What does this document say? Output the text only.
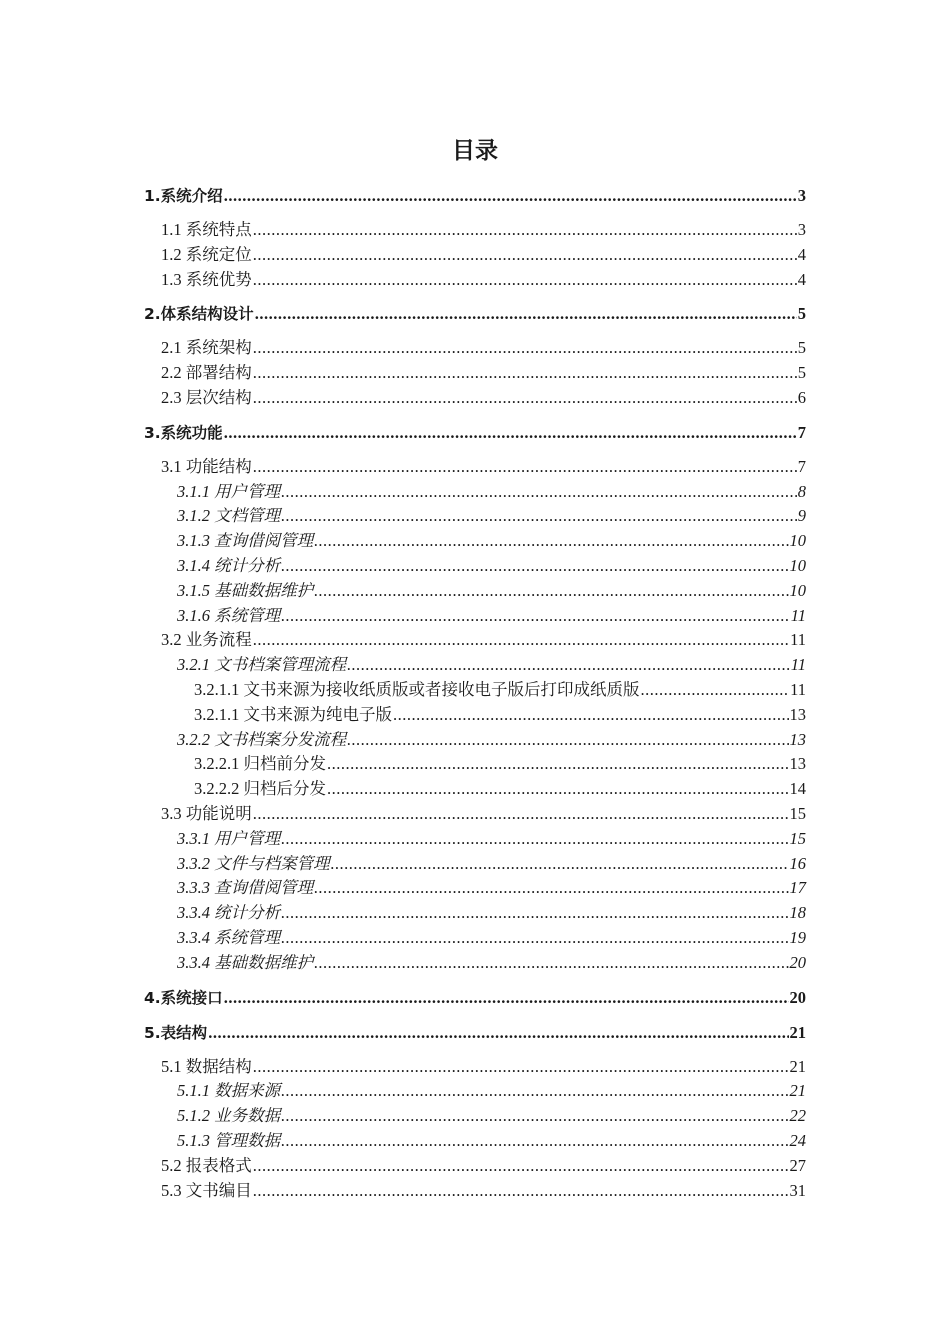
目录
1.系统介绍 .....	3
1.1 系统特点 .....	3
1.2 系统定位 .....	4
1.3 系统优势 .....	4
2.体系结构设计 .....	5
2.1 系统架构 .....	5
2.2 部署结构 .....	5
2.3 层次结构 .....	6
3.系统功能 .....	7
3.1 功能结构 .....	7
3.1.1 用户管理 .....	8
3.1.2 文档管理 .....	9
3.1.3 查询借阅管理 .....	10
3.1.4 统计分析 .....	10
3.1.5 基础数据维护 .....	10
3.1.6 系统管理 .....	11
3.2 业务流程 .....	11
3.2.1 文书档案管理流程 .....	11
3.2.1.1 文书来源为接收纸质版或者接收电子版后打印成纸质版 .....	11
3.2.1.1 文书来源为纯电子版 .....	13
3.2.2 文书档案分发流程 .....	13
3.2.2.1 归档前分发 .....	13
3.2.2.2 归档后分发 .....	14
3.3 功能说明 .....	15
3.3.1 用户管理 .....	15
3.3.2 文件与档案管理 .....	16
3.3.3 查询借阅管理 .....	17
3.3.4 统计分析 .....	18
3.3.4 系统管理 .....	19
3.3.4 基础数据维护 .....	20
4.系统接口 .....	20
5.表结构 .....	21
5.1 数据结构 .....	21
5.1.1 数据来源 .....	21
5.1.2 业务数据 .....	22
5.1.3 管理数据 .....	24
5.2 报表格式 .....	27
5.3 文书编目 .....	31
